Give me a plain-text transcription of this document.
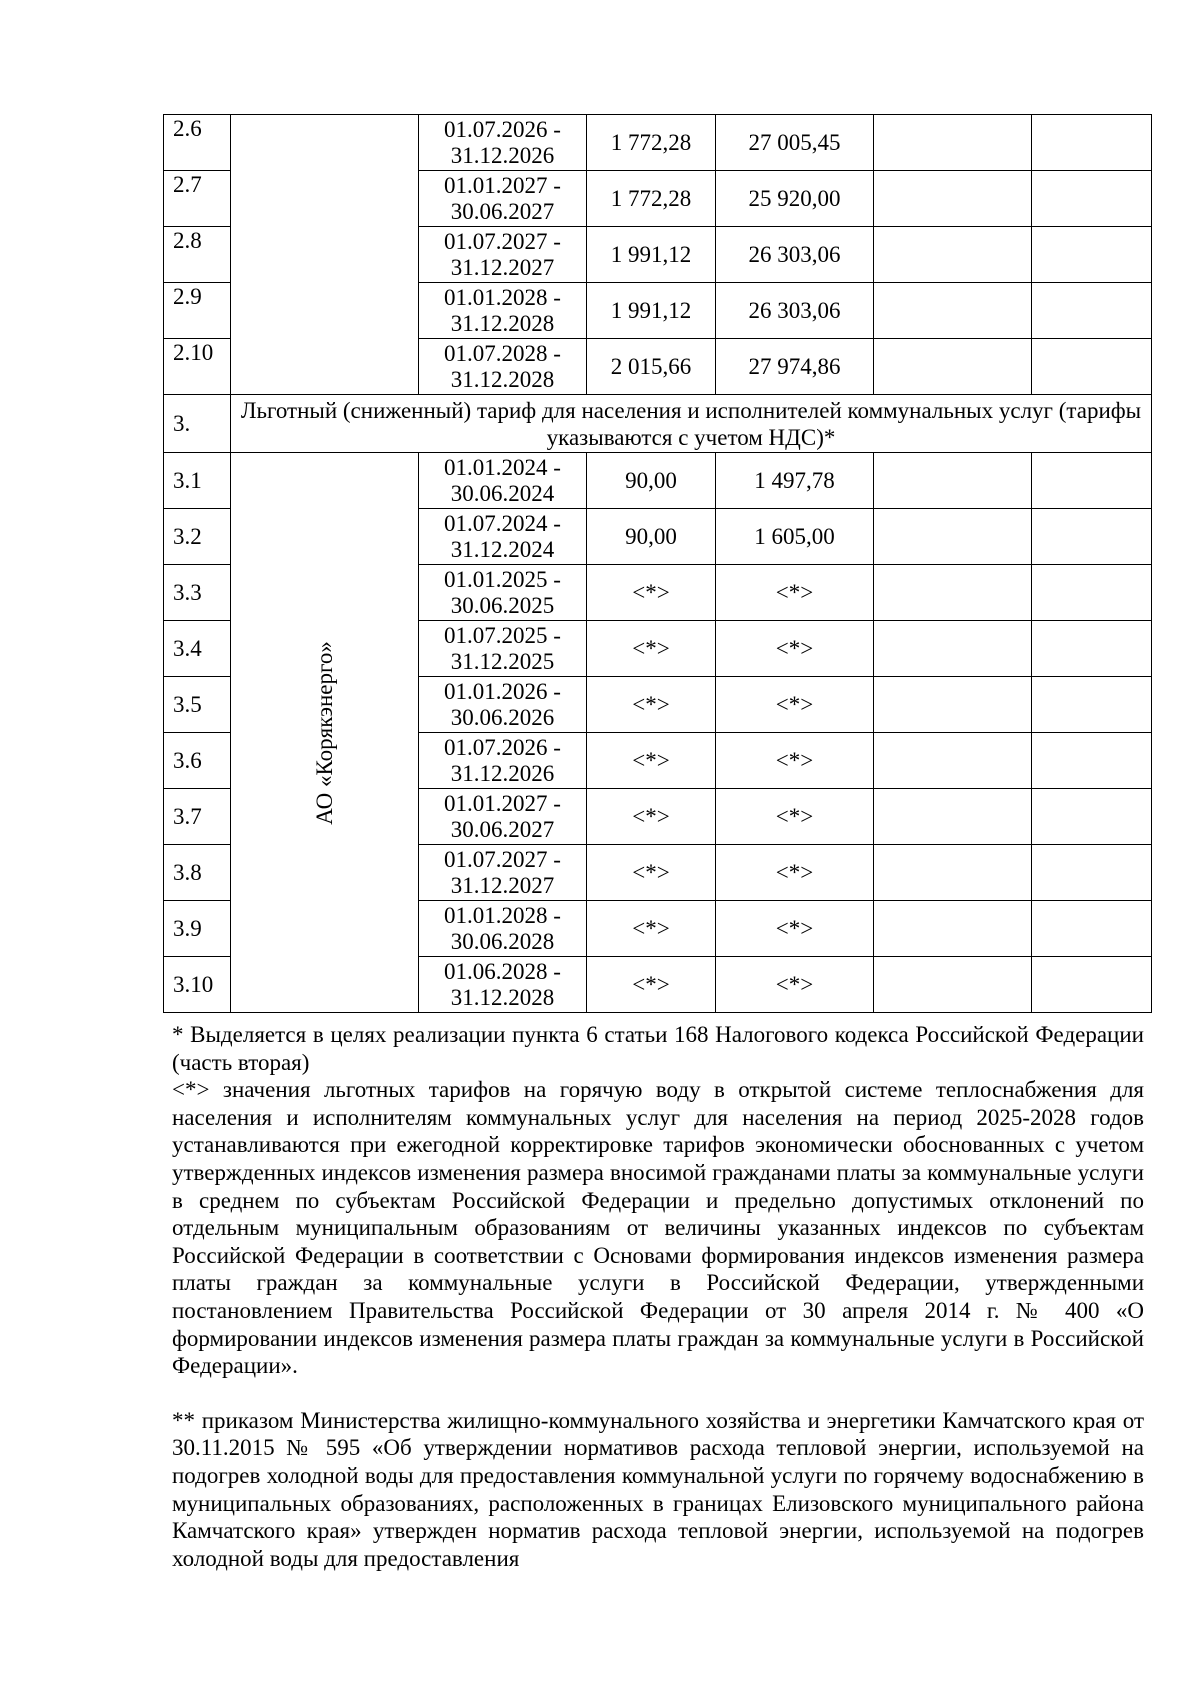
2.6		01.07.2026 - 31.12.2026	1 772,28	27 005,45		
2.7		01.01.2027 - 30.06.2027	1 772,28	25 920,00		
2.8		01.07.2027 - 31.12.2027	1 991,12	26 303,06		
2.9		01.01.2028 - 31.12.2028	1 991,12	26 303,06		
2.10		01.07.2028 - 31.12.2028	2 015,66	27 974,86		
3.	Льготный (сниженный) тариф для населения и исполнителей коммунальных услуг (тарифы указываются с учетом НДС)*					
3.1	АО «Корякэнерго»	01.01.2024 - 30.06.2024	90,00	1 497,78		
3.2		01.07.2024 - 31.12.2024	90,00	1 605,00		
3.3		01.01.2025 - 30.06.2025	<*>	<*>		
3.4		01.07.2025 - 31.12.2025	<*>	<*>		
3.5		01.01.2026 - 30.06.2026	<*>	<*>		
3.6		01.07.2026 - 31.12.2026	<*>	<*>		
3.7		01.01.2027 - 30.06.2027	<*>	<*>		
3.8		01.07.2027 - 31.12.2027	<*>	<*>		
3.9		01.01.2028 - 30.06.2028	<*>	<*>		
3.10		01.06.2028 - 31.12.2028	<*>	<*>		

* Выделяется в целях реализации пункта 6 статьи 168 Налогового кодекса Российской Федерации (часть вторая)

<*> значения льготных тарифов на горячую воду в открытой системе теплоснабжения для населения и исполнителям коммунальных услуг для населения на период 2025-2028 годов устанавливаются при ежегодной корректировке тарифов экономически обоснованных с учетом утвержденных индексов изменения размера вносимой гражданами платы за коммунальные услуги в среднем по субъектам Российской Федерации и предельно допустимых отклонений по отдельным муниципальным образованиям от величины указанных индексов по субъектам Российской Федерации в соответствии с Основами формирования индексов изменения размера платы граждан за коммунальные услуги в Российской Федерации, утвержденными постановлением Правительства Российской Федерации от 30 апреля 2014 г. № 400 «О формировании индексов изменения размера платы граждан за коммунальные услуги в Российской Федерации».

** приказом Министерства жилищно-коммунального хозяйства и энергетики Камчатского края от 30.11.2015 № 595 «Об утверждении нормативов расхода тепловой энергии, используемой на подогрев холодной воды для предоставления коммунальной услуги по горячему водоснабжению в муниципальных образованиях, расположенных в границах Елизовского муниципального района Камчатского края» утвержден норматив расхода тепловой энергии, используемой на подогрев холодной воды для предоставления
